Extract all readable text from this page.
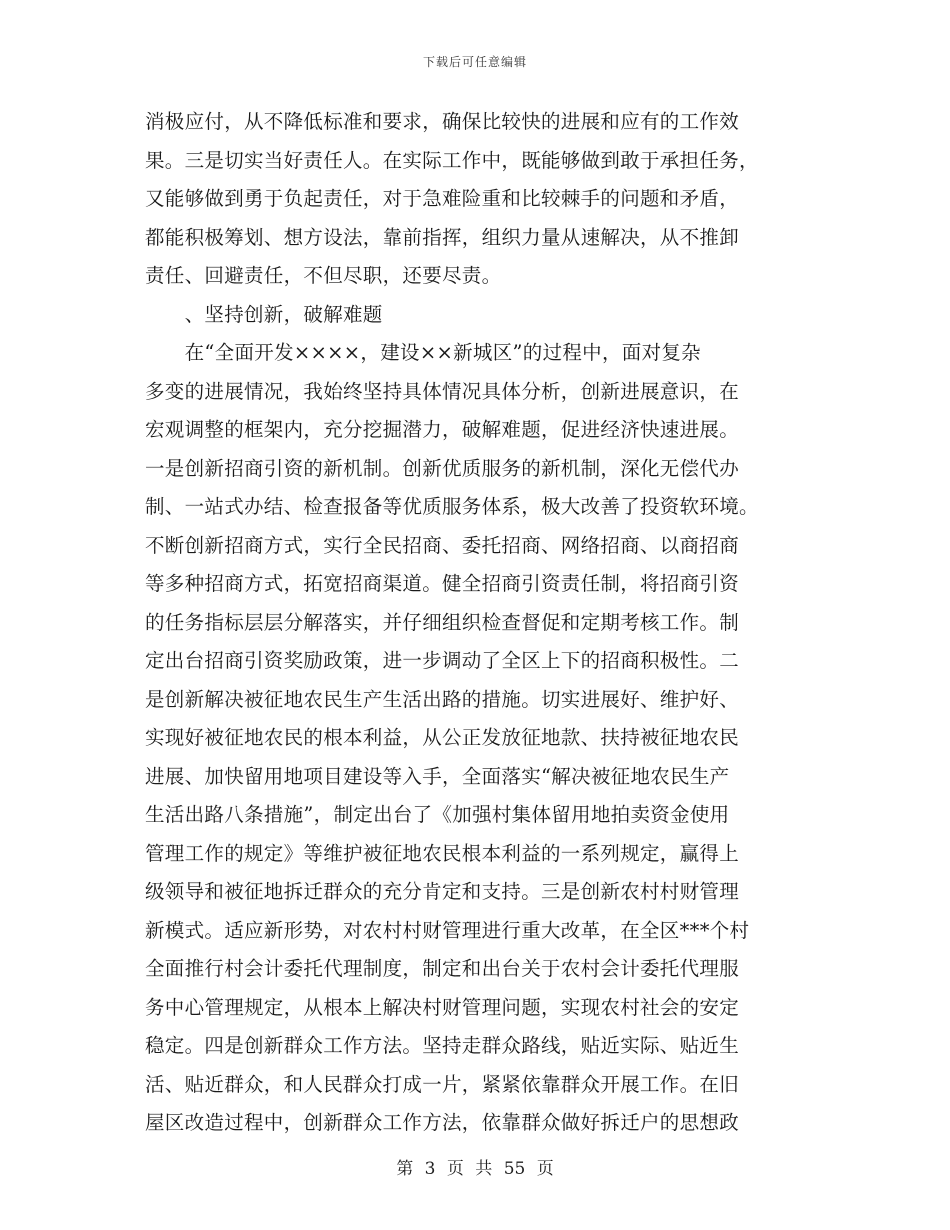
下载后可任意编辑
消极应付，从不降低标准和要求，确保比较快的进展和应有的工作效
果。三是切实当好责任人。在实际工作中，既能够做到敢于承担任务，
又能够做到勇于负起责任，对于急难险重和比较棘手的问题和矛盾，
都能积极筹划、想方设法，靠前指挥，组织力量从速解决，从不推卸
责任、回避责任，不但尽职，还要尽责。
　　、坚持创新，破解难题
　　在“全面开发××××，建设××新城区”的过程中，面对复杂
多变的进展情况，我始终坚持具体情况具体分析，创新进展意识，在
宏观调整的框架内，充分挖掘潜力，破解难题，促进经济快速进展。
一是创新招商引资的新机制。创新优质服务的新机制，深化无偿代办
制、一站式办结、检查报备等优质服务体系，极大改善了投资软环境。
不断创新招商方式，实行全民招商、委托招商、网络招商、以商招商
等多种招商方式，拓宽招商渠道。健全招商引资责任制，将招商引资
的任务指标层层分解落实，并仔细组织检查督促和定期考核工作。制
定出台招商引资奖励政策，进一步调动了全区上下的招商积极性。二
是创新解决被征地农民生产生活出路的措施。切实进展好、维护好、
实现好被征地农民的根本利益，从公正发放征地款、扶持被征地农民
进展、加快留用地项目建设等入手，全面落实“解决被征地农民生产
生活出路八条措施”，制定出台了《加强村集体留用地拍卖资金使用
管理工作的规定》等维护被征地农民根本利益的一系列规定，赢得上
级领导和被征地拆迁群众的充分肯定和支持。三是创新农村村财管理
新模式。适应新形势，对农村村财管理进行重大改革，在全区***个村
全面推行村会计委托代理制度，制定和出台关于农村会计委托代理服
务中心管理规定，从根本上解决村财管理问题，实现农村社会的安定
稳定。四是创新群众工作方法。坚持走群众路线，贴近实际、贴近生
活、贴近群众，和人民群众打成一片，紧紧依靠群众开展工作。在旧
屋区改造过程中，创新群众工作方法，依靠群众做好拆迁户的思想政
第 3 页 共 55 页
